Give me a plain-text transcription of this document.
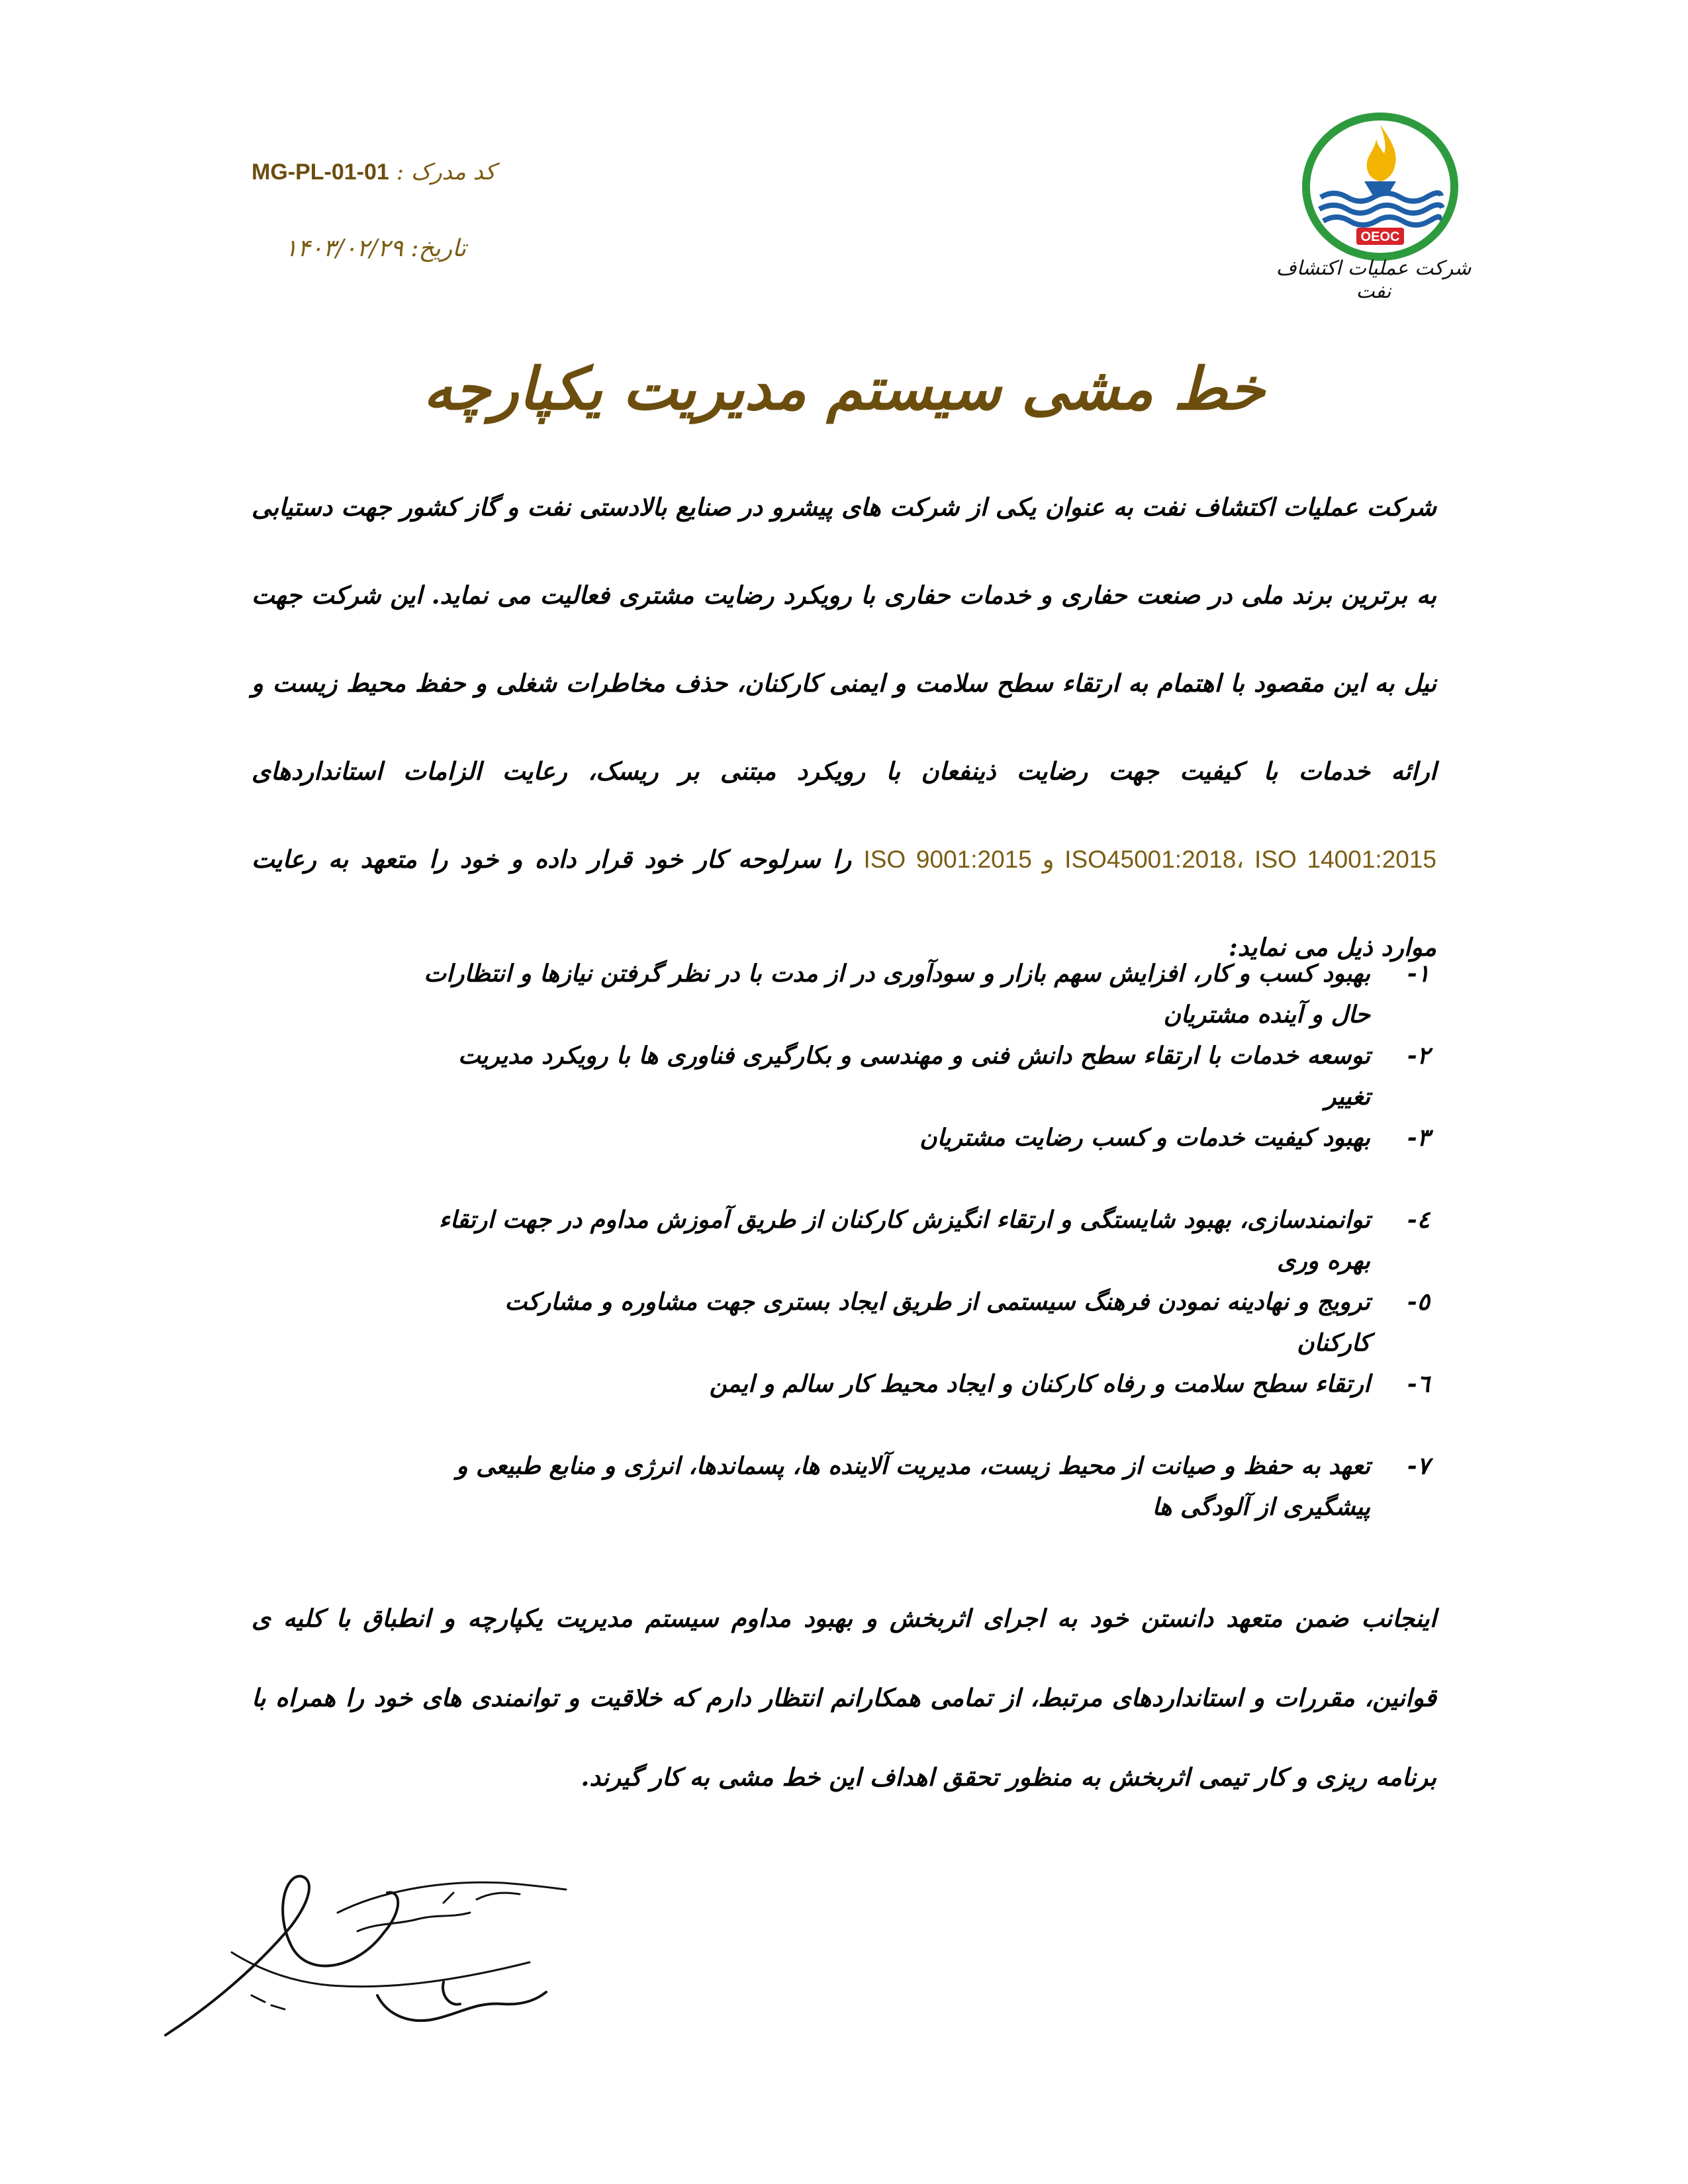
کد مدرک : MG-PL-01-01
تاریخ: ۱۴۰۳/۰۲/۲۹	OEOC
شرکت عملیات اکتشاف نفت
خط مشی سیستم مدیریت یکپارچه

شرکت عملیات اکتشاف نفت به عنوان یکی از شرکت های پیشرو در صنایع بالادستی نفت و گاز کشور جهت دستیابی به برترین برند ملی در صنعت حفاری و خدمات حفاری با رویکرد رضایت مشتری فعالیت می نماید. این شرکت جهت نیل به این مقصود با اهتمام به ارتقاء سطح سلامت و ایمنی کارکنان، حذف مخاطرات شغلی و حفظ محیط زیست و ارائه خدمات با کیفیت جهت رضایت ذینفعان با رویکرد مبتنی بر ریسک، رعایت الزامات استانداردهای ISO45001:2018، ISO 14001:2015 و ISO 9001:2015 را سرلوحه کار خود قرار داده و خود را متعهد به رعایت موارد ذیل می نماید:

۱-
بهبود کسب و کار، افزایش سهم بازار و سودآوری در از مدت با در نظر گرفتن نیازها و انتظارات حال و آینده مشتریان
۲-
توسعه خدمات با ارتقاء سطح دانش فنی و مهندسی و بکارگیری فناوری ها با رویکرد مدیریت تغییر
۳-
بهبود کیفیت خدمات و کسب رضایت مشتریان
٤-
توانمندسازی، بهبود شایستگی و ارتقاء انگیزش کارکنان از طریق آموزش مداوم در جهت ارتقاء بهره وری
٥-
ترویج و نهادینه نمودن فرهنگ سیستمی از طریق ایجاد بستری جهت مشاوره و مشارکت کارکنان
٦-
ارتقاء سطح سلامت و رفاه کارکنان و ایجاد محیط کار سالم و ایمن
۷-
تعهد به حفظ و صیانت از محیط زیست، مدیریت آلاینده ها، پسماندها، انرژی و منابع طبیعی و پیشگیری از آلودگی ها

اینجانب ضمن متعهد دانستن خود به اجرای اثربخش و بهبود مداوم سیستم مدیریت یکپارچه و انطباق با کلیه ی قوانین، مقررات و استانداردهای مرتبط، از تمامی همکارانم انتظار دارم که خلاقیت و توانمندی های خود را همراه با برنامه ریزی و کار تیمی اثربخش به منظور تحقق اهداف این خط مشی به کار گیرند.
